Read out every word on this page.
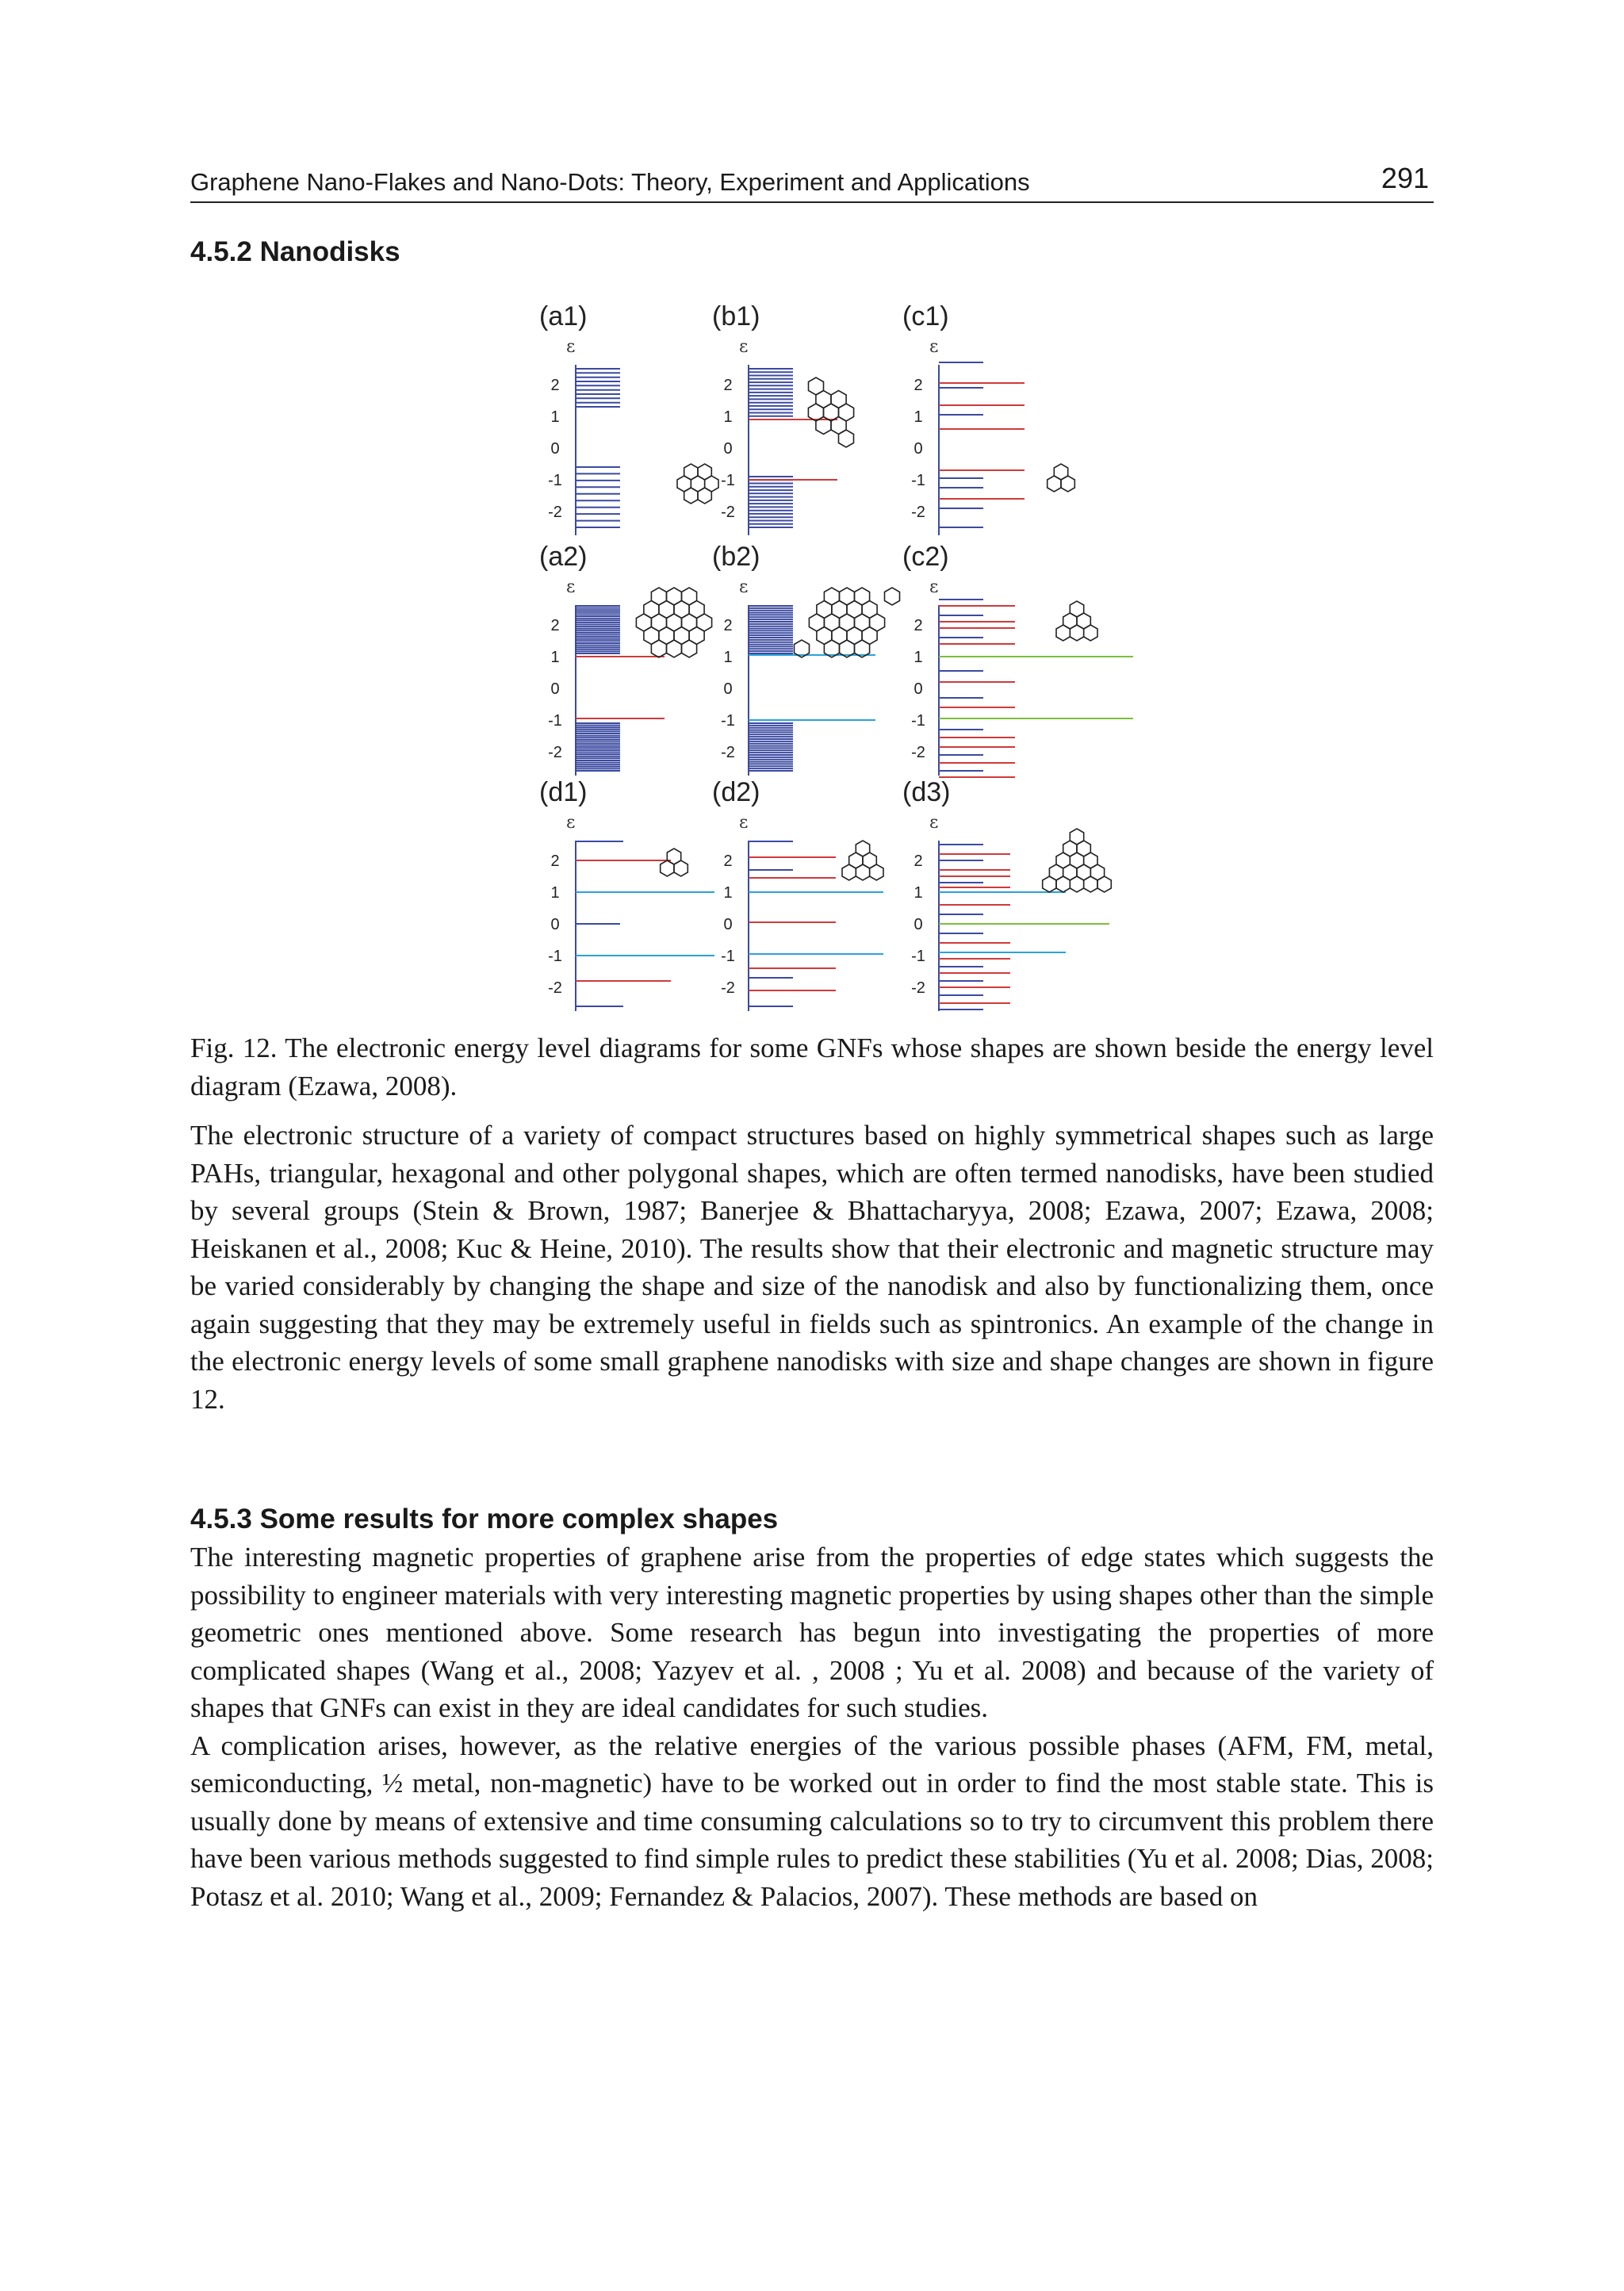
Graphene Nano-Flakes and Nano-Dots: Theory, Experiment and Applications	291
4.5.2 Nanodisks
(a1)
ε
2
1
0
-1
-2
(b1)
ε
2
1
0
-1
-2
(c1)
ε
2
1
0
-1
-2
(a2)
ε
2
1
0
-1
-2
(b2)
ε
2
1
0
-1
-2
(c2)
ε
2
1
0
-1
-2
(d1)
ε
2
1
0
-1
-2
(d2)
ε
2
1
0
-1
-2
(d3)
ε
2
1
0
-1
-2

Fig. 12. The electronic energy level diagrams for some GNFs whose shapes are shown beside the energy level diagram (Ezawa, 2008).

The electronic structure of a variety of compact structures based on highly symmetrical shapes such as large PAHs, triangular, hexagonal and other polygonal shapes, which are often termed nanodisks, have been studied by several groups (Stein & Brown, 1987; Banerjee & Bhattacharyya, 2008; Ezawa, 2007; Ezawa, 2008; Heiskanen et al., 2008; Kuc & Heine, 2010). The results show that their electronic and magnetic structure may be varied considerably by changing the shape and size of the nanodisk and also by functionalizing them, once again suggesting that they may be extremely useful in fields such as spintronics. An example of the change in the electronic energy levels of some small graphene nanodisks with size and shape changes are shown in figure 12.

4.5.3 Some results for more complex shapes

The interesting magnetic properties of graphene arise from the properties of edge states which suggests the possibility to engineer materials with very interesting magnetic properties by using shapes other than the simple geometric ones mentioned above. Some research has begun into investigating the properties of more complicated shapes (Wang et al., 2008; Yazyev et al. , 2008 ; Yu et al. 2008) and because of the variety of shapes that GNFs can exist in they are ideal candidates for such studies.

A complication arises, however, as the relative energies of the various possible phases (AFM, FM, metal, semiconducting, ½ metal, non-magnetic) have to be worked out in order to find the most stable state. This is usually done by means of extensive and time consuming calculations so to try to circumvent this problem there have been various methods suggested to find simple rules to predict these stabilities (Yu et al. 2008; Dias, 2008; Potasz et al. 2010; Wang et al., 2009; Fernandez & Palacios, 2007). These methods are based on
